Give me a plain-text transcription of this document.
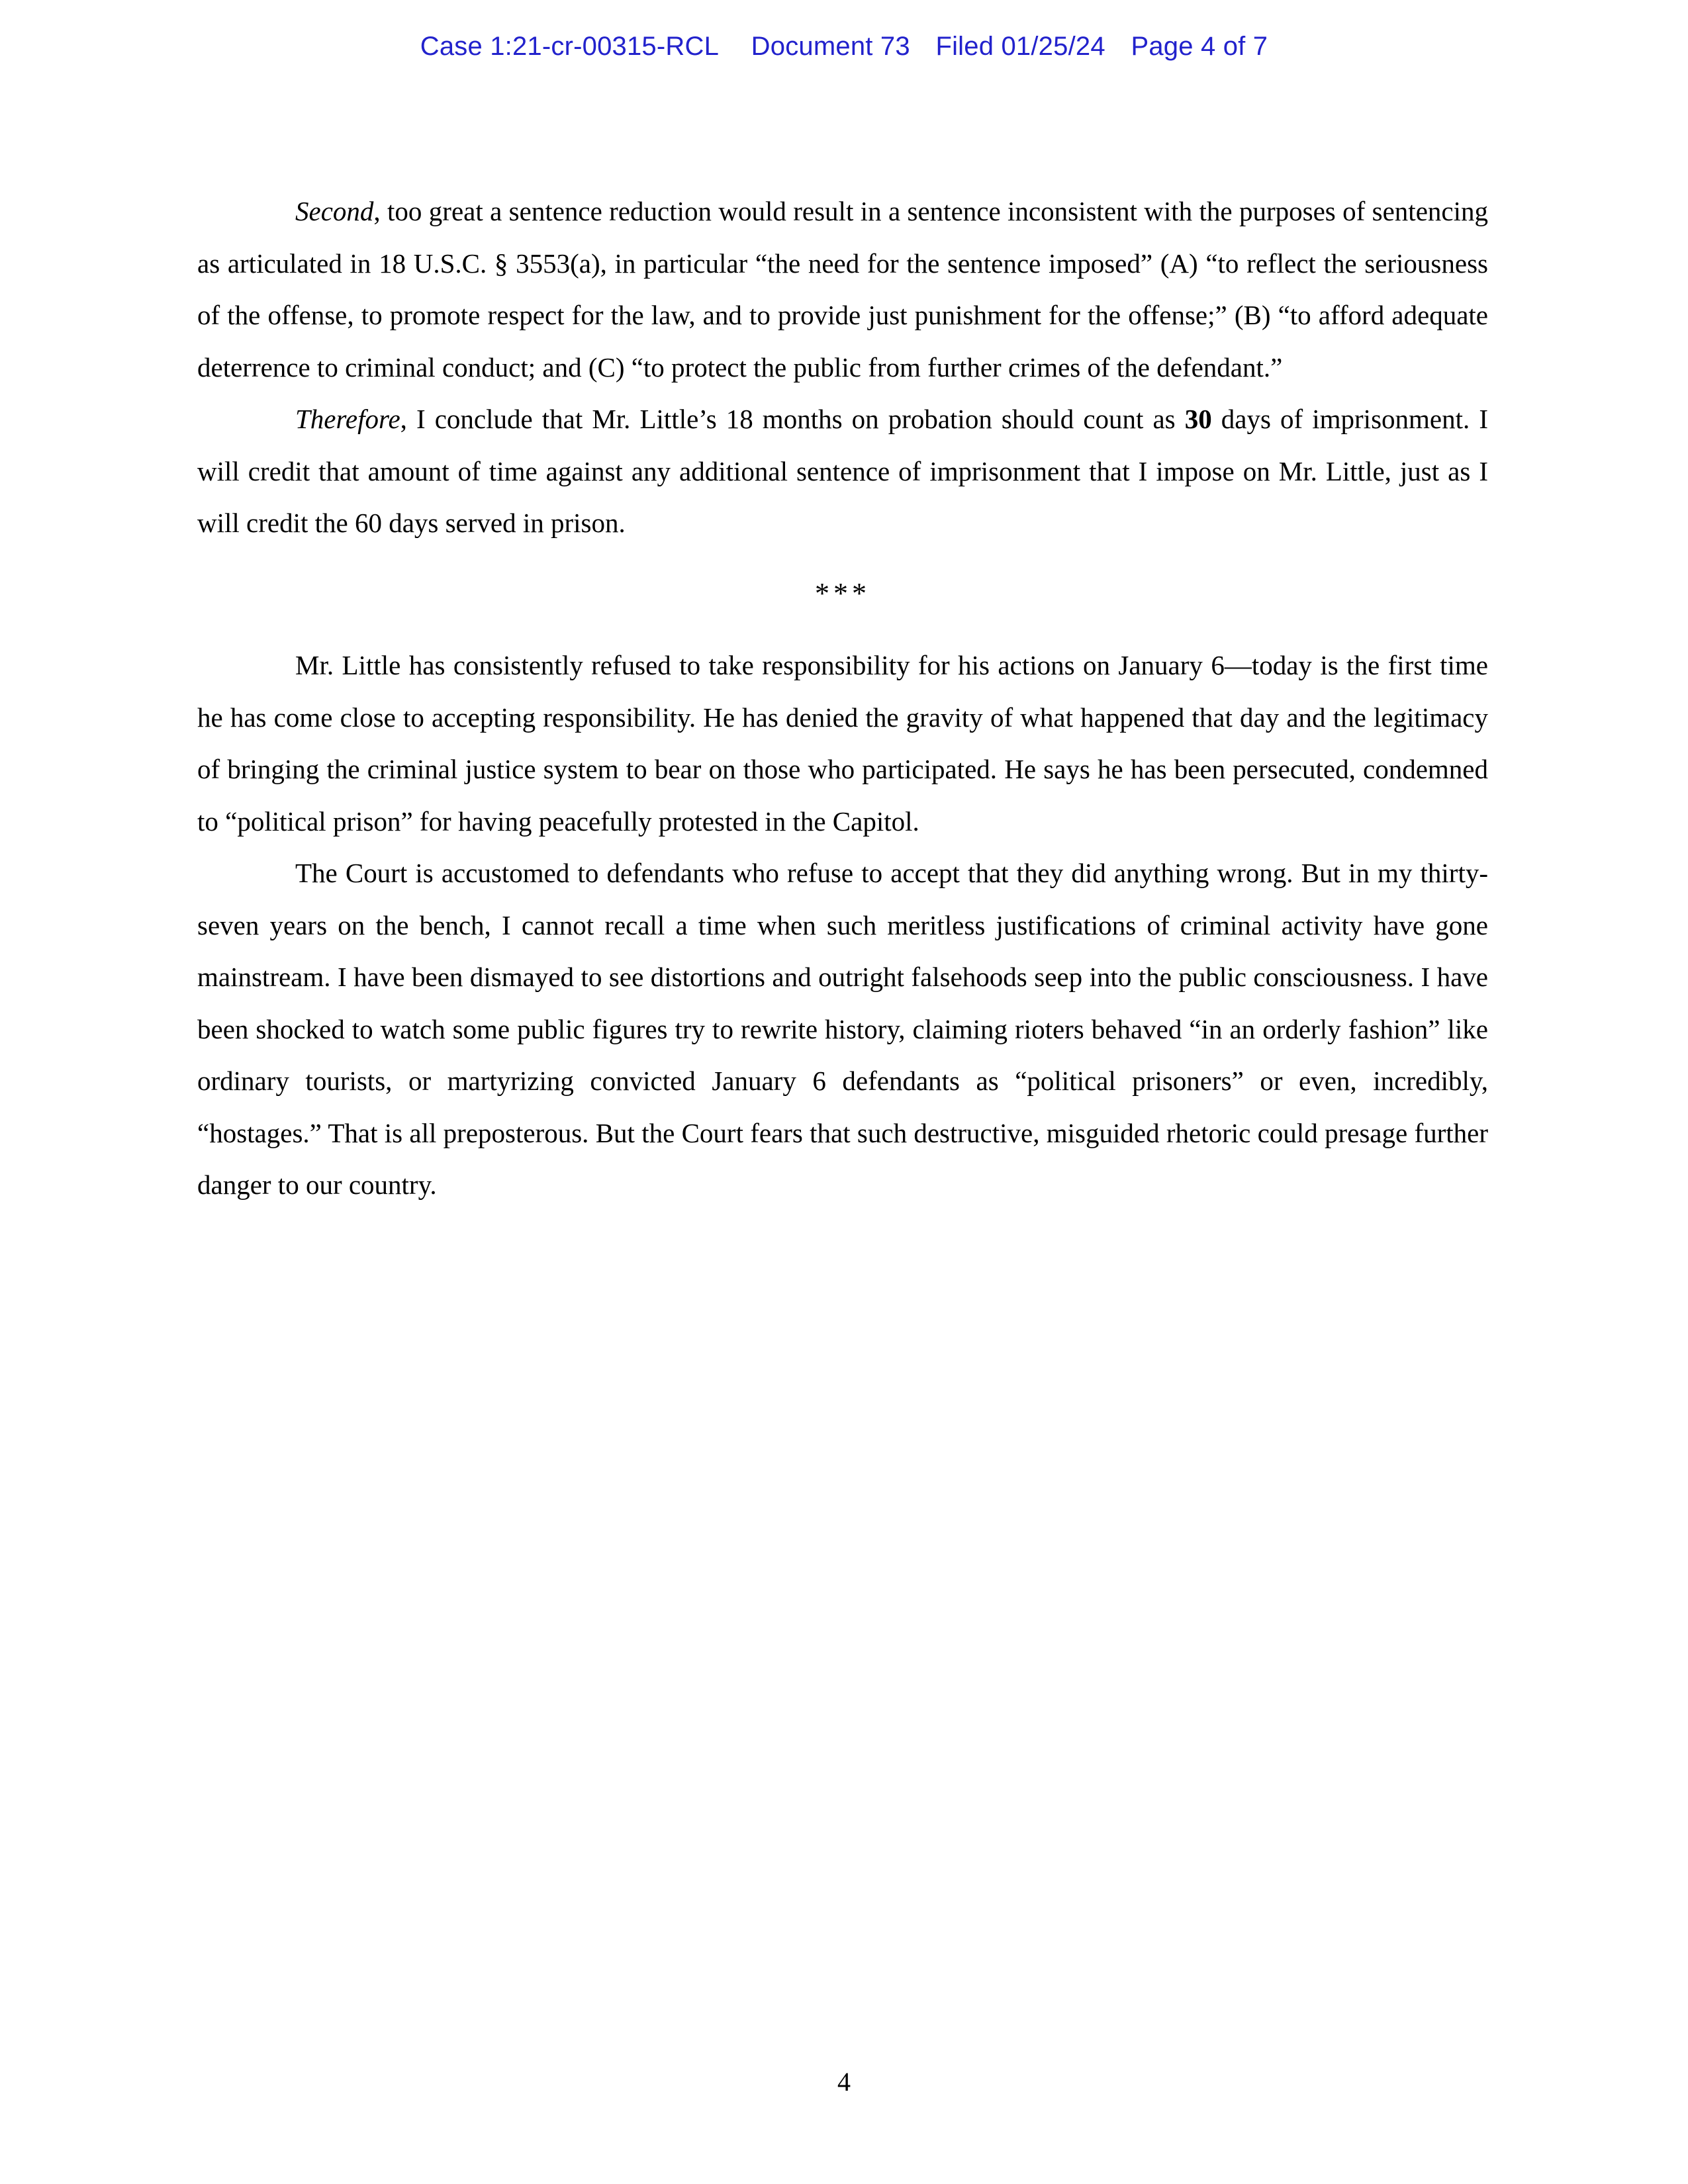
Case 1:21-cr-00315-RCL Document 73 Filed 01/25/24 Page 4 of 7

Second, too great a sentence reduction would result in a sentence inconsistent with the purposes of sentencing as articulated in 18 U.S.C. § 3553(a), in particular “the need for the sentence imposed” (A) “to reflect the seriousness of the offense, to promote respect for the law, and to provide just punishment for the offense;” (B) “to afford adequate deterrence to criminal conduct; and (C) “to protect the public from further crimes of the defendant.”

Therefore, I conclude that Mr. Little’s 18 months on probation should count as 30 days of imprisonment. I will credit that amount of time against any additional sentence of imprisonment that I impose on Mr. Little, just as I will credit the 60 days served in prison.

***

Mr. Little has consistently refused to take responsibility for his actions on January 6—today is the first time he has come close to accepting responsibility. He has denied the gravity of what happened that day and the legitimacy of bringing the criminal justice system to bear on those who participated. He says he has been persecuted, condemned to “political prison” for having peacefully protested in the Capitol.

The Court is accustomed to defendants who refuse to accept that they did anything wrong. But in my thirty-seven years on the bench, I cannot recall a time when such meritless justifications of criminal activity have gone mainstream. I have been dismayed to see distortions and outright falsehoods seep into the public consciousness. I have been shocked to watch some public figures try to rewrite history, claiming rioters behaved “in an orderly fashion” like ordinary tourists, or martyrizing convicted January 6 defendants as “political prisoners” or even, incredibly, “hostages.” That is all preposterous. But the Court fears that such destructive, misguided rhetoric could presage further danger to our country.

4
